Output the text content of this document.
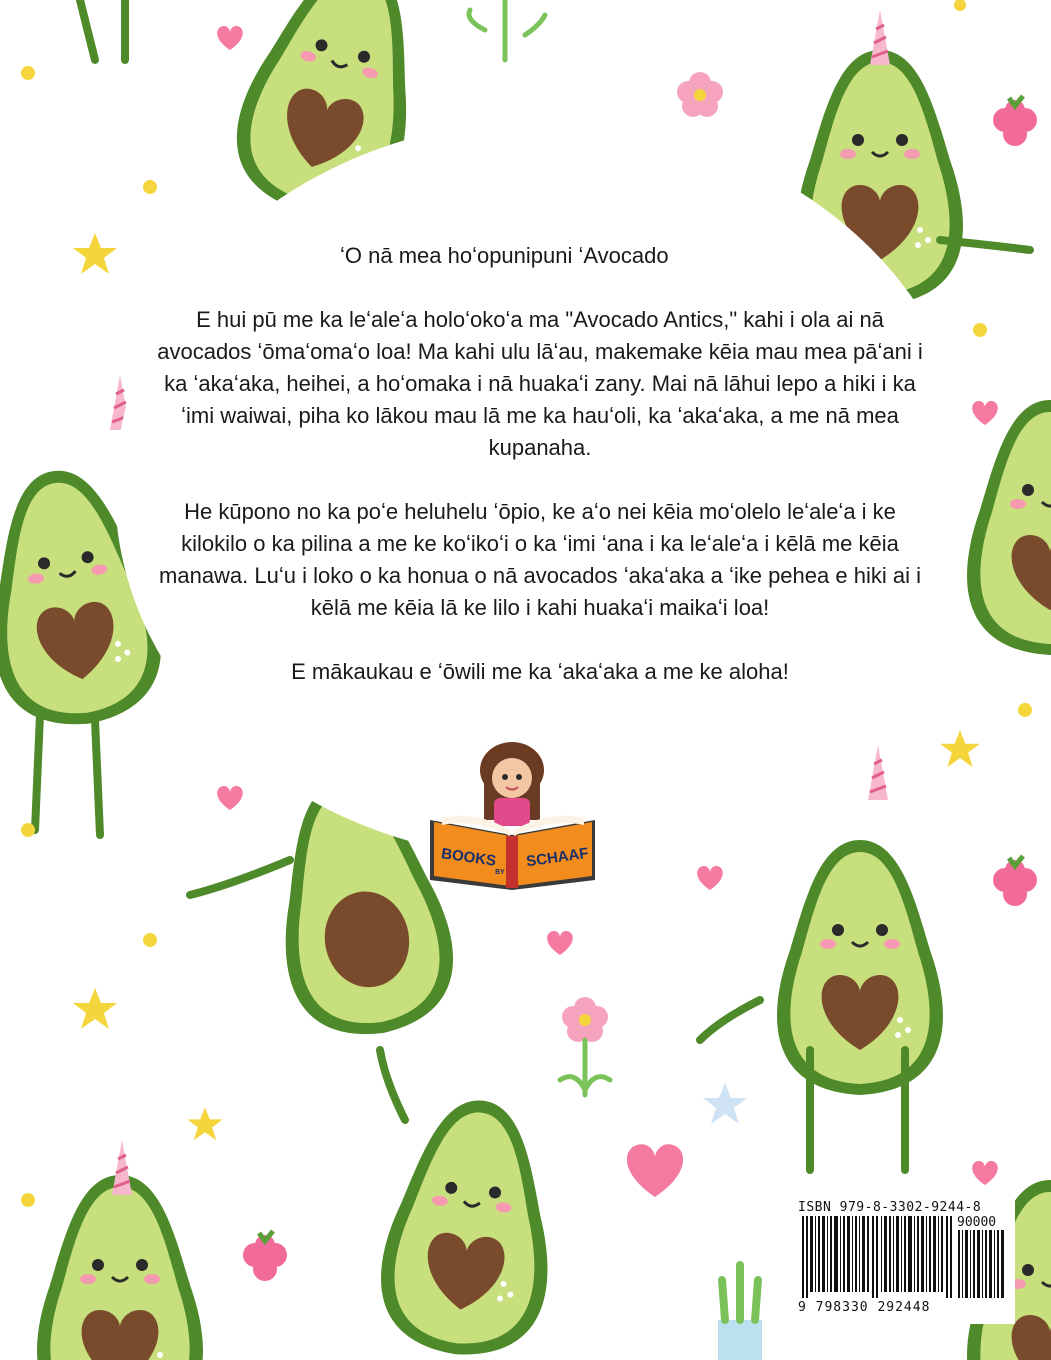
ʻO nā mea hoʻopunipuni ʻAvocado

E hui pū me ka leʻaleʻa holoʻokoʻa ma "Avocado Antics," kahi i ola ai nā avocados ʻōmaʻomaʻo loa! Ma kahi ulu lāʻau, makemake kēia mau mea pāʻani i ka ʻakaʻaka, heihei, a hoʻomaka i nā huakaʻi zany. Mai nā lāhui lepo a hiki i ka ʻimi waiwai, piha ko lākou mau lā me ka hauʻoli, ka ʻakaʻaka, a me nā mea kupanaha.

He kūpono no ka poʻe heluhelu ʻōpio, ke aʻo nei kēia moʻolelo leʻaleʻa i ke kilokilo o ka pilina a me ke koʻikoʻi o ka ʻimi ʻana i ka leʻaleʻa i kēlā me kēia manawa. Luʻu i loko o ka honua o nā avocados ʻakaʻaka a ʻike pehea e hiki ai i kēlā me kēia lā ke lilo i kahi huakaʻi maikaʻi loa!

E mākaukau e ʻōwili me ka ʻakaʻaka a me ke aloha!

BOOKS
BY
SCHAAF
ISBN 979-8-3302-9244-8
90000
9 798330 292448
